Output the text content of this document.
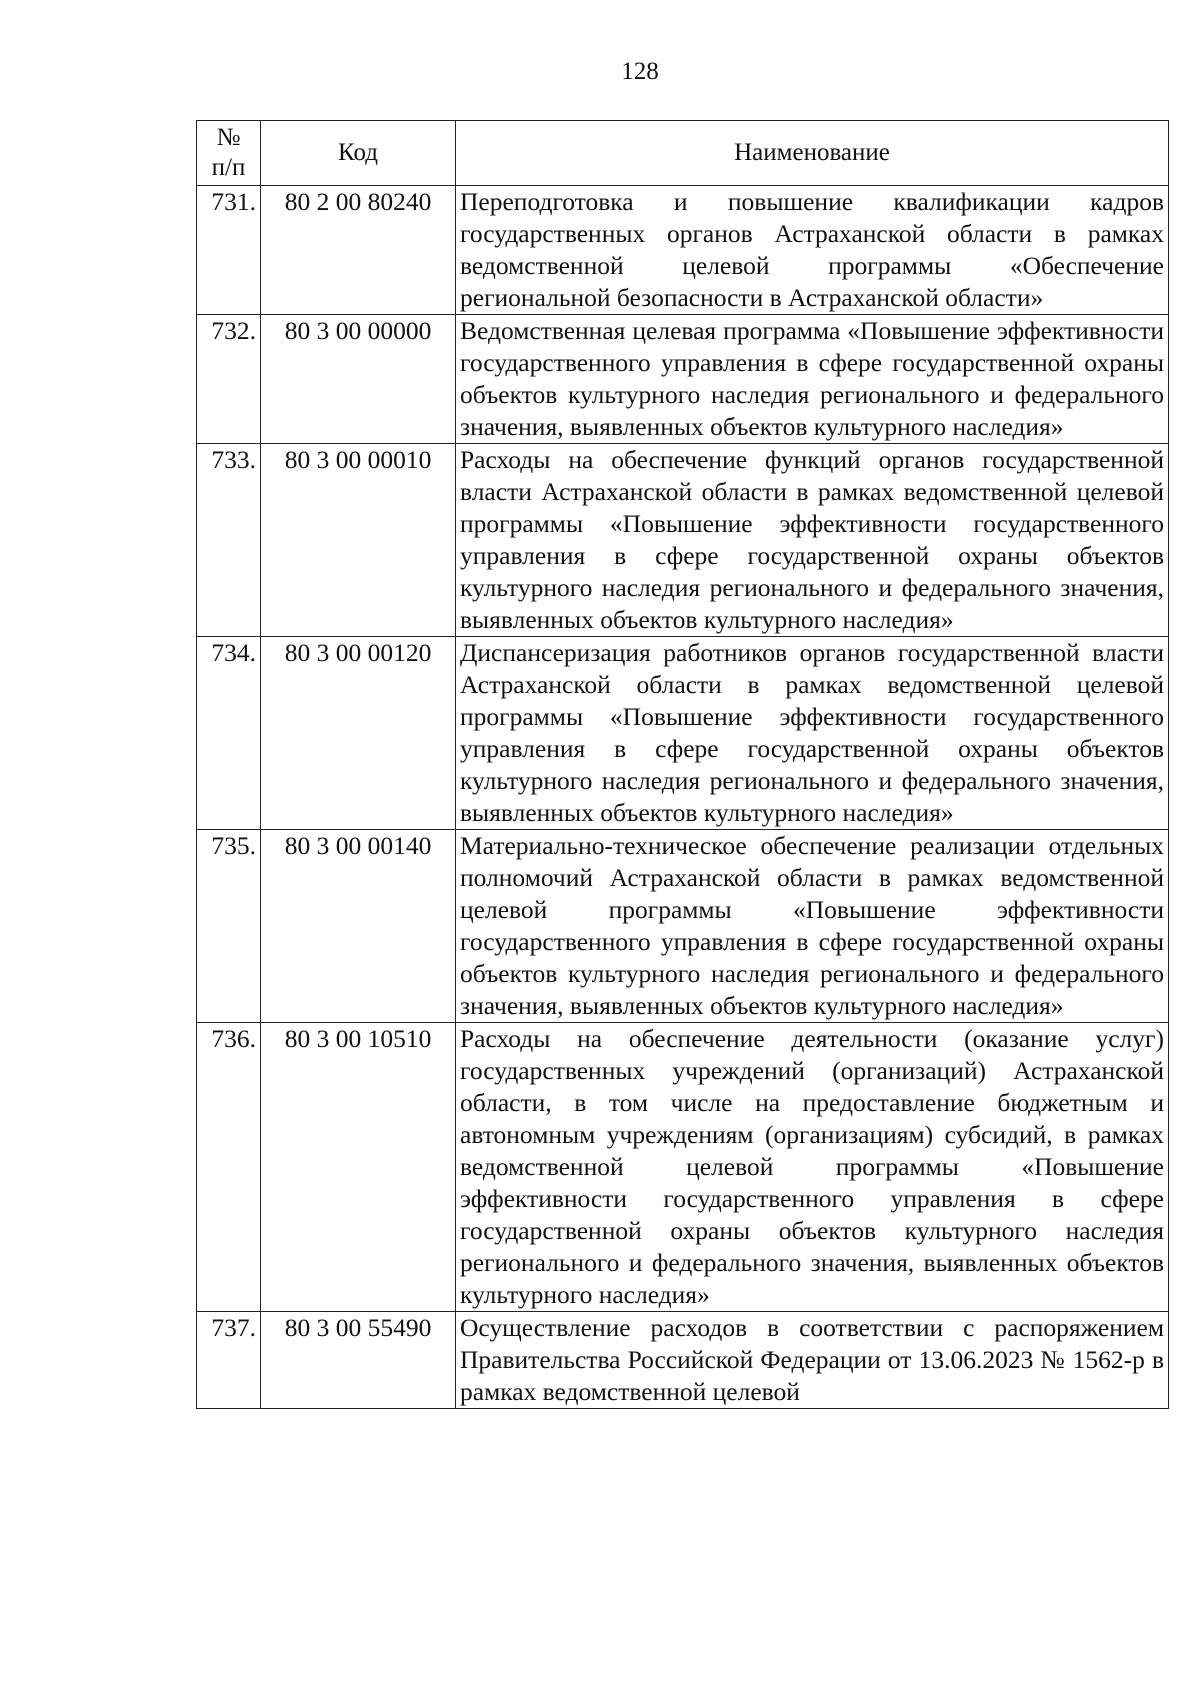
128
№
п/п	Код	Наименование
731.	80 2 00 80240	Переподготовка и повышение квалификации кадров государственных органов Астраханской области в рамках ведомственной целевой программы «Обеспечение региональной безопасности в Астраханской области»
732.	80 3 00 00000	Ведомственная целевая программа «Повышение эффективности государственного управления в сфере государственной охраны объектов культурного наследия регионального и федерального значения, выявленных объектов культурного наследия»
733.	80 3 00 00010	Расходы на обеспечение функций органов государственной власти Астраханской области в рамках ведомственной целевой программы «Повышение эффективности государственного управления в сфере государственной охраны объектов культурного наследия регионального и федерального значения, выявленных объектов культурного наследия»
734.	80 3 00 00120	Диспансеризация работников органов государственной власти Астраханской области в рамках ведомственной целевой программы «Повышение эффективности государственного управления в сфере государственной охраны объектов культурного наследия регионального и федерального значения, выявленных объектов культурного наследия»
735.	80 3 00 00140	Материально-техническое обеспечение реализации отдельных полномочий Астраханской области в рамках ведомственной целевой программы «Повышение эффективности государственного управления в сфере государственной охраны объектов культурного наследия регионального и федерального значения, выявленных объектов культурного наследия»
736.	80 3 00 10510	Расходы на обеспечение деятельности (оказание услуг) государственных учреждений (организаций) Астраханской области, в том числе на предоставление бюджетным и автономным учреждениям (организациям) субсидий, в рамках ведомственной целевой программы «Повышение эффективности государственного управления в сфере государственной охраны объектов культурного наследия регионального и федерального значения, выявленных объектов культурного наследия»
737.	80 3 00 55490	Осуществление расходов в соответствии с распоряжением Правительства Российской Федерации от 13.06.2023 № 1562-р в рамках ведомственной целевой
